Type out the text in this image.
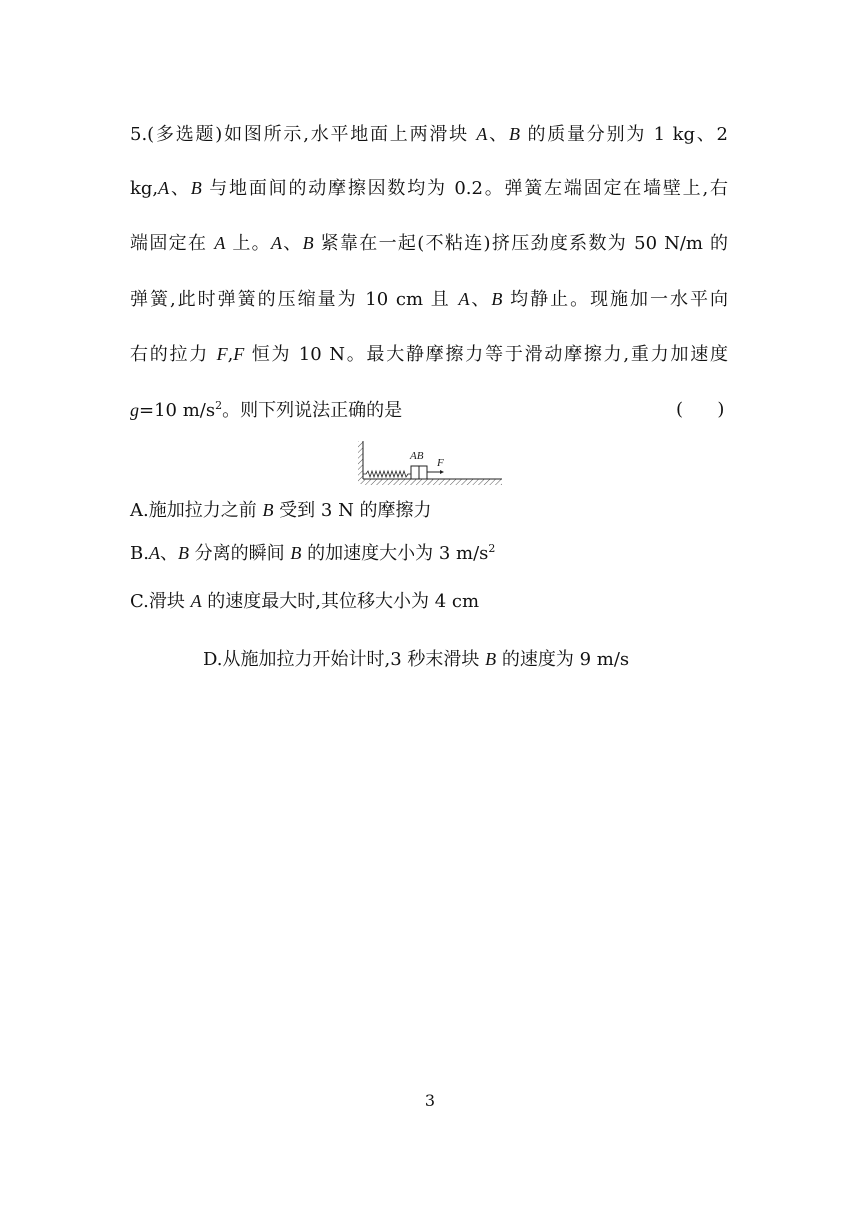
5.(多选题)如图所示,水平地面上两滑块 A、B 的质量分别为 1 kg、2
kg,A、B 与地面间的动摩擦因数均为 0.2。弹簧左端固定在墙壁上,右
端固定在 A 上。A、B 紧靠在一起(不粘连)挤压劲度系数为 50 N/m 的
弹簧,此时弹簧的压缩量为 10 cm 且 A、B 均静止。现施加一水平向
右的拉力 F,F 恒为 10 N。最大静摩擦力等于滑动摩擦力,重力加速度
g=10 $m/s^2$。则下列说法正确的是	(      )
AB
F
A.施加拉力之前 B 受到 3 N 的摩擦力
B.A、B 分离的瞬间 B 的加速度大小为 3 $m/s^2$
C.滑块 A 的速度最大时,其位移大小为 4 cm
D.从施加拉力开始计时,3 秒末滑块 B 的速度为 9 m/s
3
